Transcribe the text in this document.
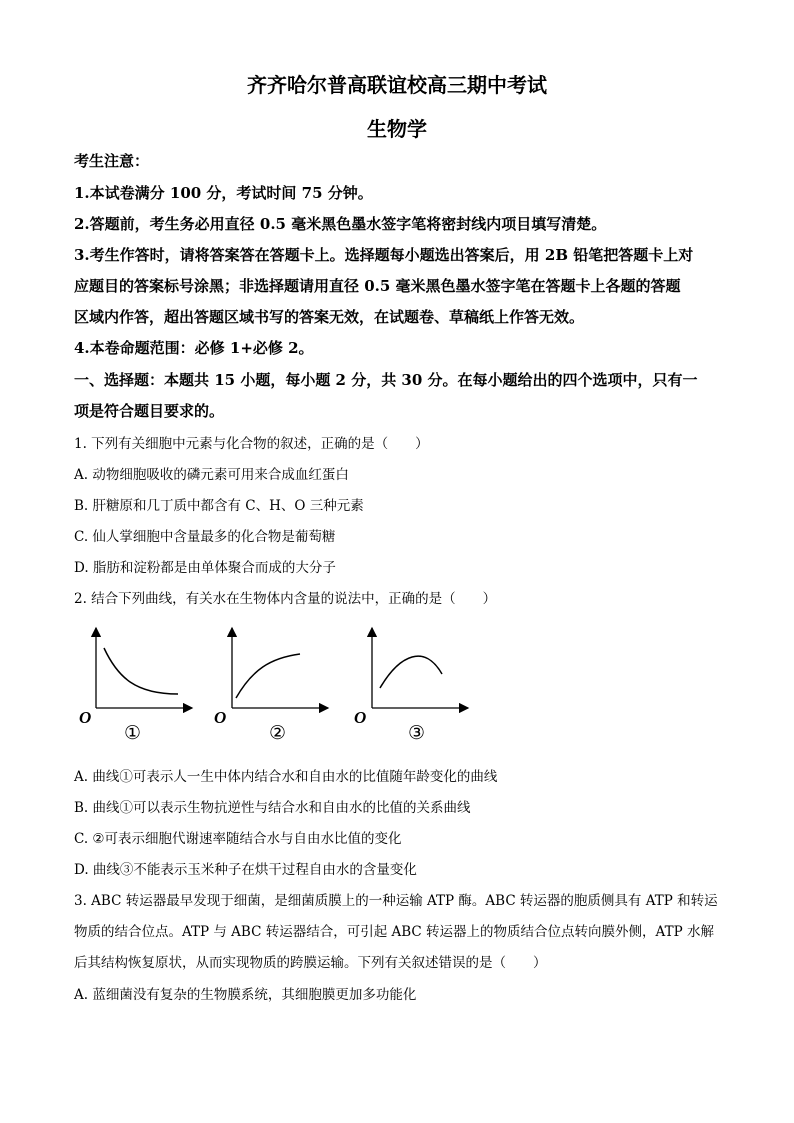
齐齐哈尔普高联谊校高三期中考试
生物学
考生注意：
1.本试卷满分 100 分，考试时间 75 分钟。
2.答题前，考生务必用直径 0.5 毫米黑色墨水签字笔将密封线内项目填写清楚。
3.考生作答时，请将答案答在答题卡上。选择题每小题选出答案后，用 2B 铅笔把答题卡上对
应题目的答案标号涂黑；非选择题请用直径 0.5 毫米黑色墨水签字笔在答题卡上各题的答题
区域内作答，超出答题区域书写的答案无效，在试题卷、草稿纸上作答无效。
4.本卷命题范围：必修 1+必修 2。
一、选择题：本题共 15 小题，每小题 2 分，共 30 分。在每小题给出的四个选项中，只有一
项是符合题目要求的。
1. 下列有关细胞中元素与化合物的叙述，正确的是（　　）
A. 动物细胞吸收的磷元素可用来合成血红蛋白
B. 肝糖原和几丁质中都含有 C、H、O 三种元素
C. 仙人掌细胞中含量最多的化合物是葡萄糖
D. 脂肪和淀粉都是由单体聚合而成的大分子
2. 结合下列曲线，有关水在生物体内含量的说法中，正确的是（　　）
O
①
O
②
O
③
A. 曲线①可表示人一生中体内结合水和自由水的比值随年龄变化的曲线
B. 曲线①可以表示生物抗逆性与结合水和自由水的比值的关系曲线
C. ②可表示细胞代谢速率随结合水与自由水比值的变化
D. 曲线③不能表示玉米种子在烘干过程自由水的含量变化
3. ABC 转运器最早发现于细菌，是细菌质膜上的一种运输 ATP 酶。ABC 转运器的胞质侧具有 ATP 和转运
物质的结合位点。ATP 与 ABC 转运器结合，可引起 ABC 转运器上的物质结合位点转向膜外侧，ATP 水解
后其结构恢复原状，从而实现物质的跨膜运输。下列有关叙述错误的是（　　）
A. 蓝细菌没有复杂的生物膜系统，其细胞膜更加多功能化
